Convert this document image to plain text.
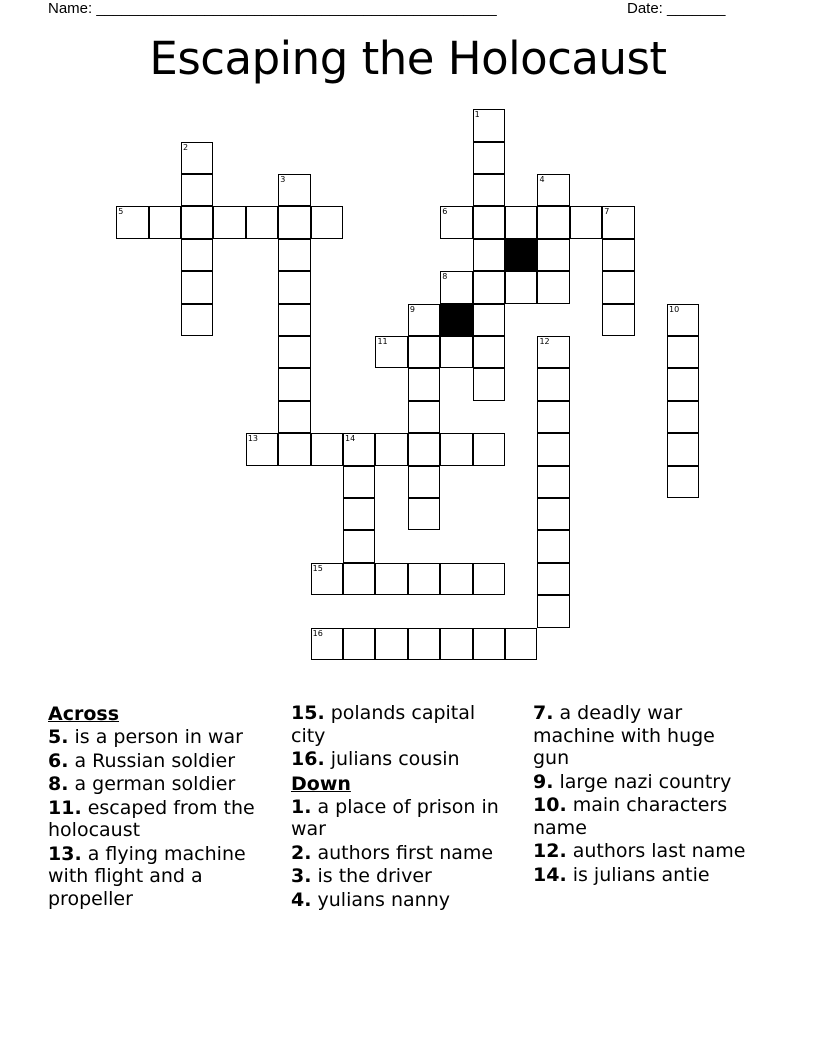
Name: ________________________________________________	Date: _______
Escaping the Holocaust
1
2
3	4
5	6	7
8
9	10
11	12
13	14
15
16
Across
5. is a person in war
6. a Russian soldier
8. a german soldier
11. escaped from the holocaust
13. a flying machine with flight and a propeller
15. polands capital city
16. julians cousin
Down
1. a place of prison in war
2. authors first name
3. is the driver
4. yulians nanny
7. a deadly war machine with huge gun
9. large nazi country
10. main characters name
12. authors last name
14. is julians antie
